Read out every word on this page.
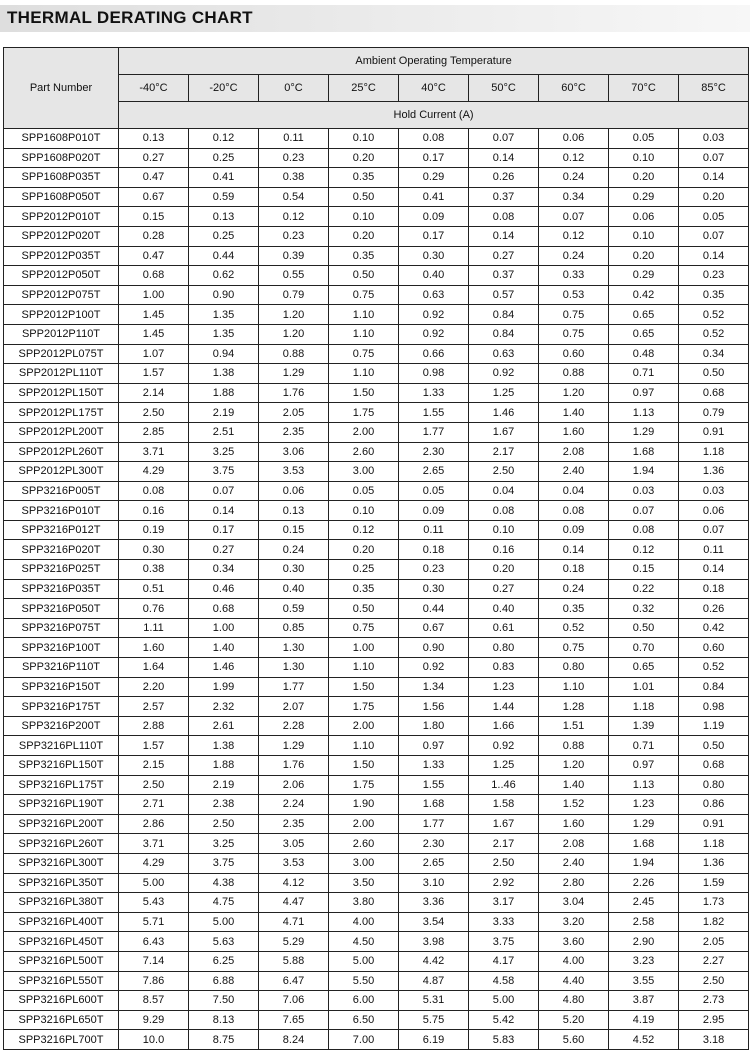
THERMAL DERATING CHART
Part Number	Ambient Operating Temperature								
	-40°C	-20°C	0°C	25°C	40°C	50°C	60°C	70°C	85°C
	Hold Current (A)								
SPP1608P010T	0.13	0.12	0.11	0.10	0.08	0.07	0.06	0.05	0.03
SPP1608P020T	0.27	0.25	0.23	0.20	0.17	0.14	0.12	0.10	0.07
SPP1608P035T	0.47	0.41	0.38	0.35	0.29	0.26	0.24	0.20	0.14
SPP1608P050T	0.67	0.59	0.54	0.50	0.41	0.37	0.34	0.29	0.20
SPP2012P010T	0.15	0.13	0.12	0.10	0.09	0.08	0.07	0.06	0.05
SPP2012P020T	0.28	0.25	0.23	0.20	0.17	0.14	0.12	0.10	0.07
SPP2012P035T	0.47	0.44	0.39	0.35	0.30	0.27	0.24	0.20	0.14
SPP2012P050T	0.68	0.62	0.55	0.50	0.40	0.37	0.33	0.29	0.23
SPP2012P075T	1.00	0.90	0.79	0.75	0.63	0.57	0.53	0.42	0.35
SPP2012P100T	1.45	1.35	1.20	1.10	0.92	0.84	0.75	0.65	0.52
SPP2012P110T	1.45	1.35	1.20	1.10	0.92	0.84	0.75	0.65	0.52
SPP2012PL075T	1.07	0.94	0.88	0.75	0.66	0.63	0.60	0.48	0.34
SPP2012PL110T	1.57	1.38	1.29	1.10	0.98	0.92	0.88	0.71	0.50
SPP2012PL150T	2.14	1.88	1.76	1.50	1.33	1.25	1.20	0.97	0.68
SPP2012PL175T	2.50	2.19	2.05	1.75	1.55	1.46	1.40	1.13	0.79
SPP2012PL200T	2.85	2.51	2.35	2.00	1.77	1.67	1.60	1.29	0.91
SPP2012PL260T	3.71	3.25	3.06	2.60	2.30	2.17	2.08	1.68	1.18
SPP2012PL300T	4.29	3.75	3.53	3.00	2.65	2.50	2.40	1.94	1.36
SPP3216P005T	0.08	0.07	0.06	0.05	0.05	0.04	0.04	0.03	0.03
SPP3216P010T	0.16	0.14	0.13	0.10	0.09	0.08	0.08	0.07	0.06
SPP3216P012T	0.19	0.17	0.15	0.12	0.11	0.10	0.09	0.08	0.07
SPP3216P020T	0.30	0.27	0.24	0.20	0.18	0.16	0.14	0.12	0.11
SPP3216P025T	0.38	0.34	0.30	0.25	0.23	0.20	0.18	0.15	0.14
SPP3216P035T	0.51	0.46	0.40	0.35	0.30	0.27	0.24	0.22	0.18
SPP3216P050T	0.76	0.68	0.59	0.50	0.44	0.40	0.35	0.32	0.26
SPP3216P075T	1.11	1.00	0.85	0.75	0.67	0.61	0.52	0.50	0.42
SPP3216P100T	1.60	1.40	1.30	1.00	0.90	0.80	0.75	0.70	0.60
SPP3216P110T	1.64	1.46	1.30	1.10	0.92	0.83	0.80	0.65	0.52
SPP3216P150T	2.20	1.99	1.77	1.50	1.34	1.23	1.10	1.01	0.84
SPP3216P175T	2.57	2.32	2.07	1.75	1.56	1.44	1.28	1.18	0.98
SPP3216P200T	2.88	2.61	2.28	2.00	1.80	1.66	1.51	1.39	1.19
SPP3216PL110T	1.57	1.38	1.29	1.10	0.97	0.92	0.88	0.71	0.50
SPP3216PL150T	2.15	1.88	1.76	1.50	1.33	1.25	1.20	0.97	0.68
SPP3216PL175T	2.50	2.19	2.06	1.75	1.55	1..46	1.40	1.13	0.80
SPP3216PL190T	2.71	2.38	2.24	1.90	1.68	1.58	1.52	1.23	0.86
SPP3216PL200T	2.86	2.50	2.35	2.00	1.77	1.67	1.60	1.29	0.91
SPP3216PL260T	3.71	3.25	3.05	2.60	2.30	2.17	2.08	1.68	1.18
SPP3216PL300T	4.29	3.75	3.53	3.00	2.65	2.50	2.40	1.94	1.36
SPP3216PL350T	5.00	4.38	4.12	3.50	3.10	2.92	2.80	2.26	1.59
SPP3216PL380T	5.43	4.75	4.47	3.80	3.36	3.17	3.04	2.45	1.73
SPP3216PL400T	5.71	5.00	4.71	4.00	3.54	3.33	3.20	2.58	1.82
SPP3216PL450T	6.43	5.63	5.29	4.50	3.98	3.75	3.60	2.90	2.05
SPP3216PL500T	7.14	6.25	5.88	5.00	4.42	4.17	4.00	3.23	2.27
SPP3216PL550T	7.86	6.88	6.47	5.50	4.87	4.58	4.40	3.55	2.50
SPP3216PL600T	8.57	7.50	7.06	6.00	5.31	5.00	4.80	3.87	2.73
SPP3216PL650T	9.29	8.13	7.65	6.50	5.75	5.42	5.20	4.19	2.95
SPP3216PL700T	10.0	8.75	8.24	7.00	6.19	5.83	5.60	4.52	3.18
